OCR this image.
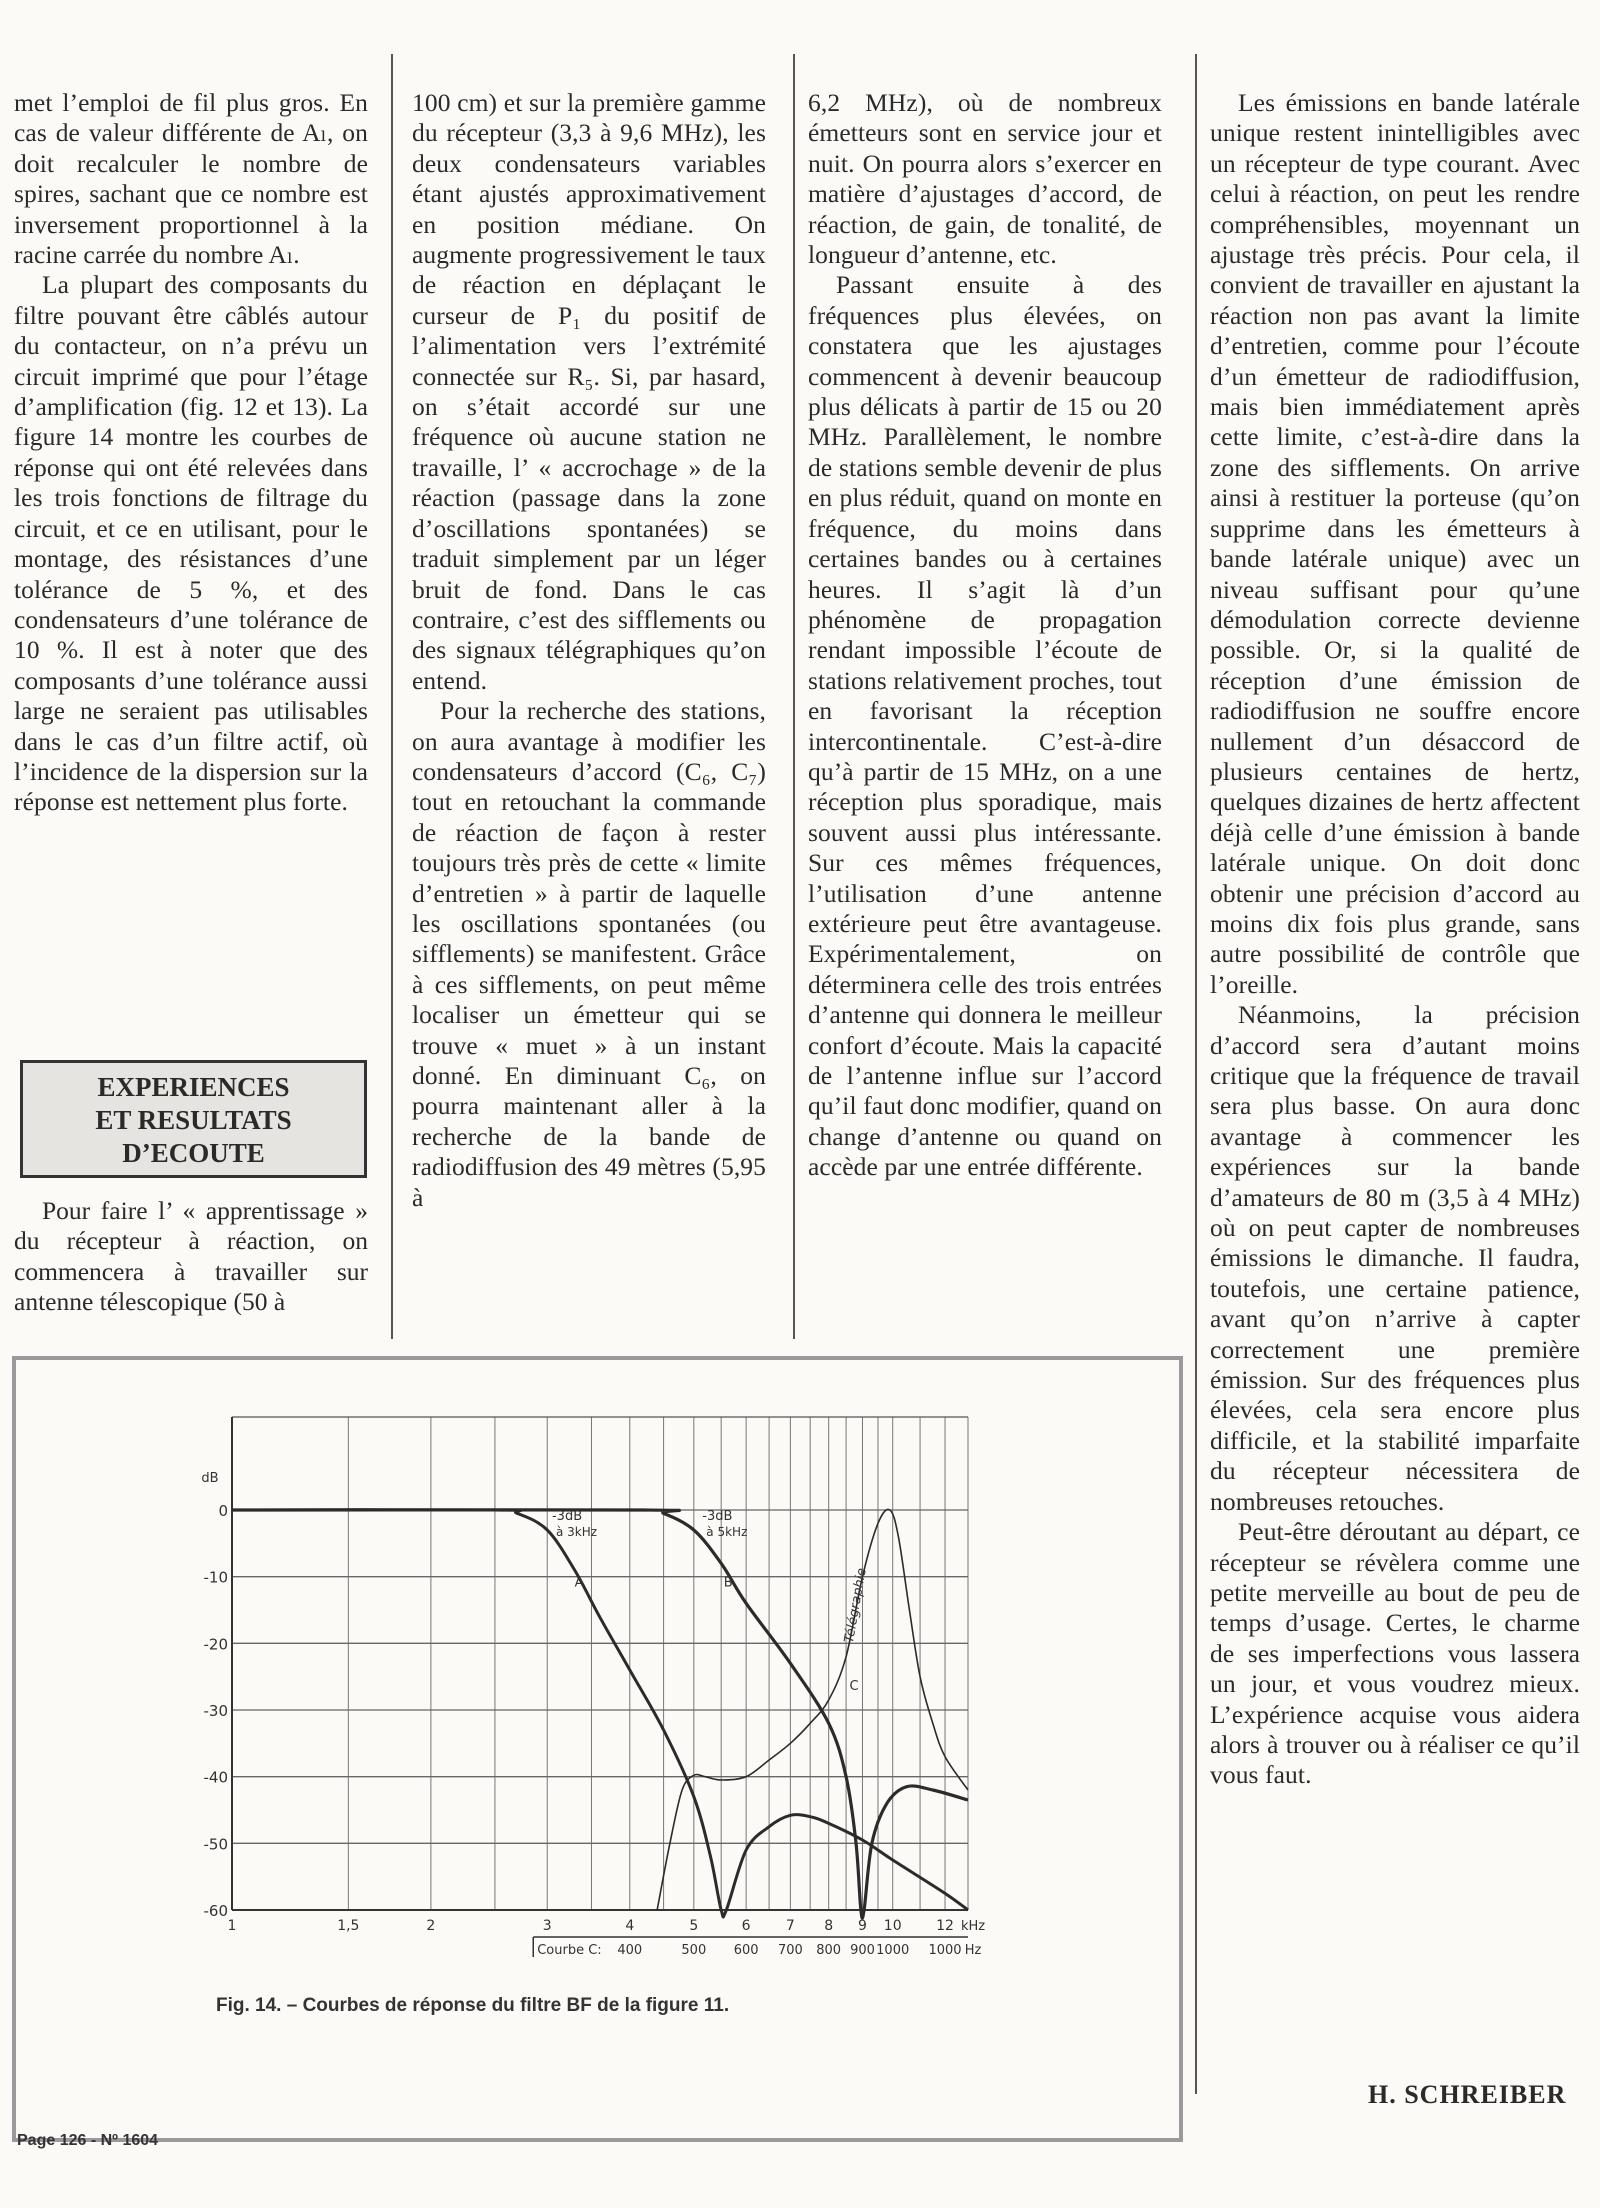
met l’emploi de fil plus gros. En cas de valeur différente de Aₗ, on doit recalculer le nombre de spires, sachant que ce nombre est inversement proportionnel à la racine carrée du nombre Aₗ.

La plupart des composants du filtre pouvant être câblés autour du contacteur, on n’a prévu un circuit imprimé que pour l’étage d’amplification (fig. 12 et 13). La figure 14 montre les courbes de réponse qui ont été relevées dans les trois fonctions de filtrage du circuit, et ce en utilisant, pour le montage, des résistances d’une tolérance de 5 %, et des condensateurs d’une tolérance de 10 %. Il est à noter que des composants d’une tolérance aussi large ne seraient pas utilisables dans le cas d’un filtre actif, où l’incidence de la dispersion sur la réponse est nettement plus forte.

EXPERIENCES
ET RESULTATS
D’ECOUTE

Pour faire l’ « apprentissage » du récepteur à réaction, on commencera à travailler sur antenne télescopique (50 à

100 cm) et sur la première gamme du récepteur (3,3 à 9,6 MHz), les deux condensateurs variables étant ajustés approximativement en position médiane. On augmente progressivement le taux de réaction en déplaçant le curseur de P₁ du positif de l’alimentation vers l’extrémité connectée sur R₅. Si, par hasard, on s’était accordé sur une fréquence où aucune station ne travaille, l’ « accrochage » de la réaction (passage dans la zone d’oscillations spontanées) se traduit simplement par un léger bruit de fond. Dans le cas contraire, c’est des sifflements ou des signaux télégraphiques qu’on entend.

Pour la recherche des stations, on aura avantage à modifier les condensateurs d’accord (C₆, C₇) tout en retouchant la commande de réaction de façon à rester toujours très près de cette « limite d’entretien » à partir de laquelle les oscillations spontanées (ou sifflements) se manifestent. Grâce à ces sifflements, on peut même localiser un émetteur qui se trouve « muet » à un instant donné. En diminuant C₆, on pourra maintenant aller à la recherche de la bande de radiodiffusion des 49 mètres (5,95 à

6,2 MHz), où de nombreux émetteurs sont en service jour et nuit. On pourra alors s’exercer en matière d’ajustages d’accord, de réaction, de gain, de tonalité, de longueur d’antenne, etc.

Passant ensuite à des fréquences plus élevées, on constatera que les ajustages commencent à devenir beaucoup plus délicats à partir de 15 ou 20 MHz. Parallèlement, le nombre de stations semble devenir de plus en plus réduit, quand on monte en fréquence, du moins dans certaines bandes ou à certaines heures. Il s’agit là d’un phénomène de propagation rendant impossible l’écoute de stations relativement proches, tout en favorisant la réception intercontinentale. C’est-à-dire qu’à partir de 15 MHz, on a une réception plus sporadique, mais souvent aussi plus intéressante. Sur ces mêmes fréquences, l’utilisation d’une antenne extérieure peut être avantageuse. Expérimentalement, on déterminera celle des trois entrées d’antenne qui donnera le meilleur confort d’écoute. Mais la capacité de l’antenne influe sur l’accord qu’il faut donc modifier, quand on change d’antenne ou quand on accède par une entrée différente.

Les émissions en bande latérale unique restent inintelligibles avec un récepteur de type courant. Avec celui à réaction, on peut les rendre compréhensibles, moyennant un ajustage très précis. Pour cela, il convient de travailler en ajustant la réaction non pas avant la limite d’entretien, comme pour l’écoute d’un émetteur de radiodiffusion, mais bien immédiatement après cette limite, c’est-à-dire dans la zone des sifflements. On arrive ainsi à restituer la porteuse (qu’on supprime dans les émetteurs à bande latérale unique) avec un niveau suffisant pour qu’une démodulation correcte devienne possible. Or, si la qualité de réception d’une émission de radiodiffusion ne souffre encore nullement d’un désaccord de plusieurs centaines de hertz, quelques dizaines de hertz affectent déjà celle d’une émission à bande latérale unique. On doit donc obtenir une précision d’accord au moins dix fois plus grande, sans autre possibilité de contrôle que l’oreille.

Néanmoins, la précision d’accord sera d’autant moins critique que la fréquence de travail sera plus basse. On aura donc avantage à commencer les expériences sur la bande d’amateurs de 80 m (3,5 à 4 MHz) où on peut capter de nombreuses émissions le dimanche. Il faudra, toutefois, une certaine patience, avant qu’on n’arrive à capter correctement une première émission. Sur des fréquences plus élevées, cela sera encore plus difficile, et la stabilité imparfaite du récepteur nécessitera de nombreuses retouches.

Peut-être déroutant au départ, ce récepteur se révèlera comme une petite merveille au bout de peu de temps d’usage. Certes, le charme de ses imperfections vous lassera un jour, et vous voudrez mieux. L’expérience acquise vous aidera alors à trouver ou à réaliser ce qu’il vous faut.

H. SCHREIBER
0
-10
-20
-30
-40
-50
-60
dB
1	1,5	2	3	4	5	6	7 8 9 10 12 kHz
Courbe C: 400	500 600 700 800 900 1000 1000 Hz
-3dB
à 3kHz
-3dB
à 5kHz
A	B
C
Télégraphie
Fig. 14. – Courbes de réponse du filtre BF de la figure 11.
Page 126 - Nº 1604
